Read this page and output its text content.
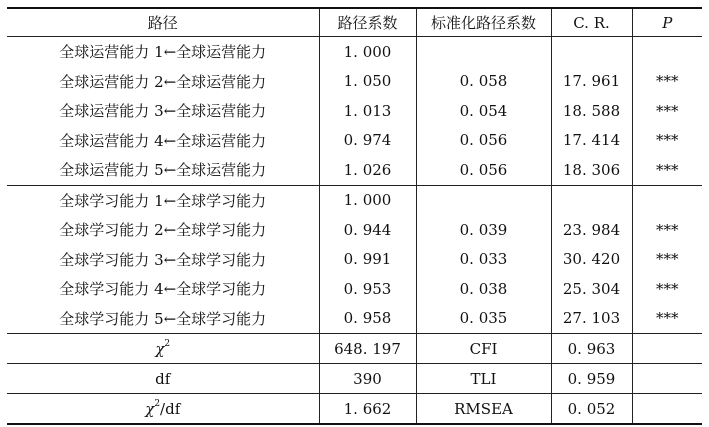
路径	路径系数	标准化路径系数	C. R.	P
全球运营能力 1←全球运营能力	1. 000			
全球运营能力 2←全球运营能力	1. 050	0. 058	17. 961	***
全球运营能力 3←全球运营能力	1. 013	0. 054	18. 588	***
全球运营能力 4←全球运营能力	0. 974	0. 056	17. 414	***
全球运营能力 5←全球运营能力	1. 026	0. 056	18. 306	***
全球学习能力 1←全球学习能力	1. 000			
全球学习能力 2←全球学习能力	0. 944	0. 039	23. 984	***
全球学习能力 3←全球学习能力	0. 991	0. 033	30. 420	***
全球学习能力 4←全球学习能力	0. 953	0. 038	25. 304	***
全球学习能力 5←全球学习能力	0. 958	0. 035	27. 103	***
$\chi^2$	648. 197	CFI	0. 963	
df	390	TLI	0. 959	
$\chi^2/df$	1. 662	RMSEA	0. 052	
